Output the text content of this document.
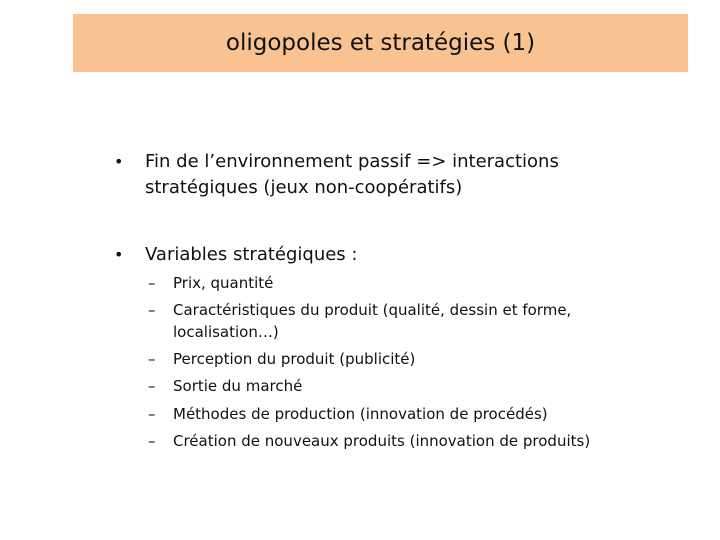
oligopoles et stratégies (1)
• Fin de l’environnement passif => interactions
stratégiques (jeux non-coopératifs)
• Variables stratégiques :
– Prix, quantité
– Caractéristiques du produit (qualité, dessin et forme,
localisation…)
– Perception du produit (publicité)
– Sortie du marché
– Méthodes de production (innovation de procédés)
– Création de nouveaux produits (innovation de produits)
